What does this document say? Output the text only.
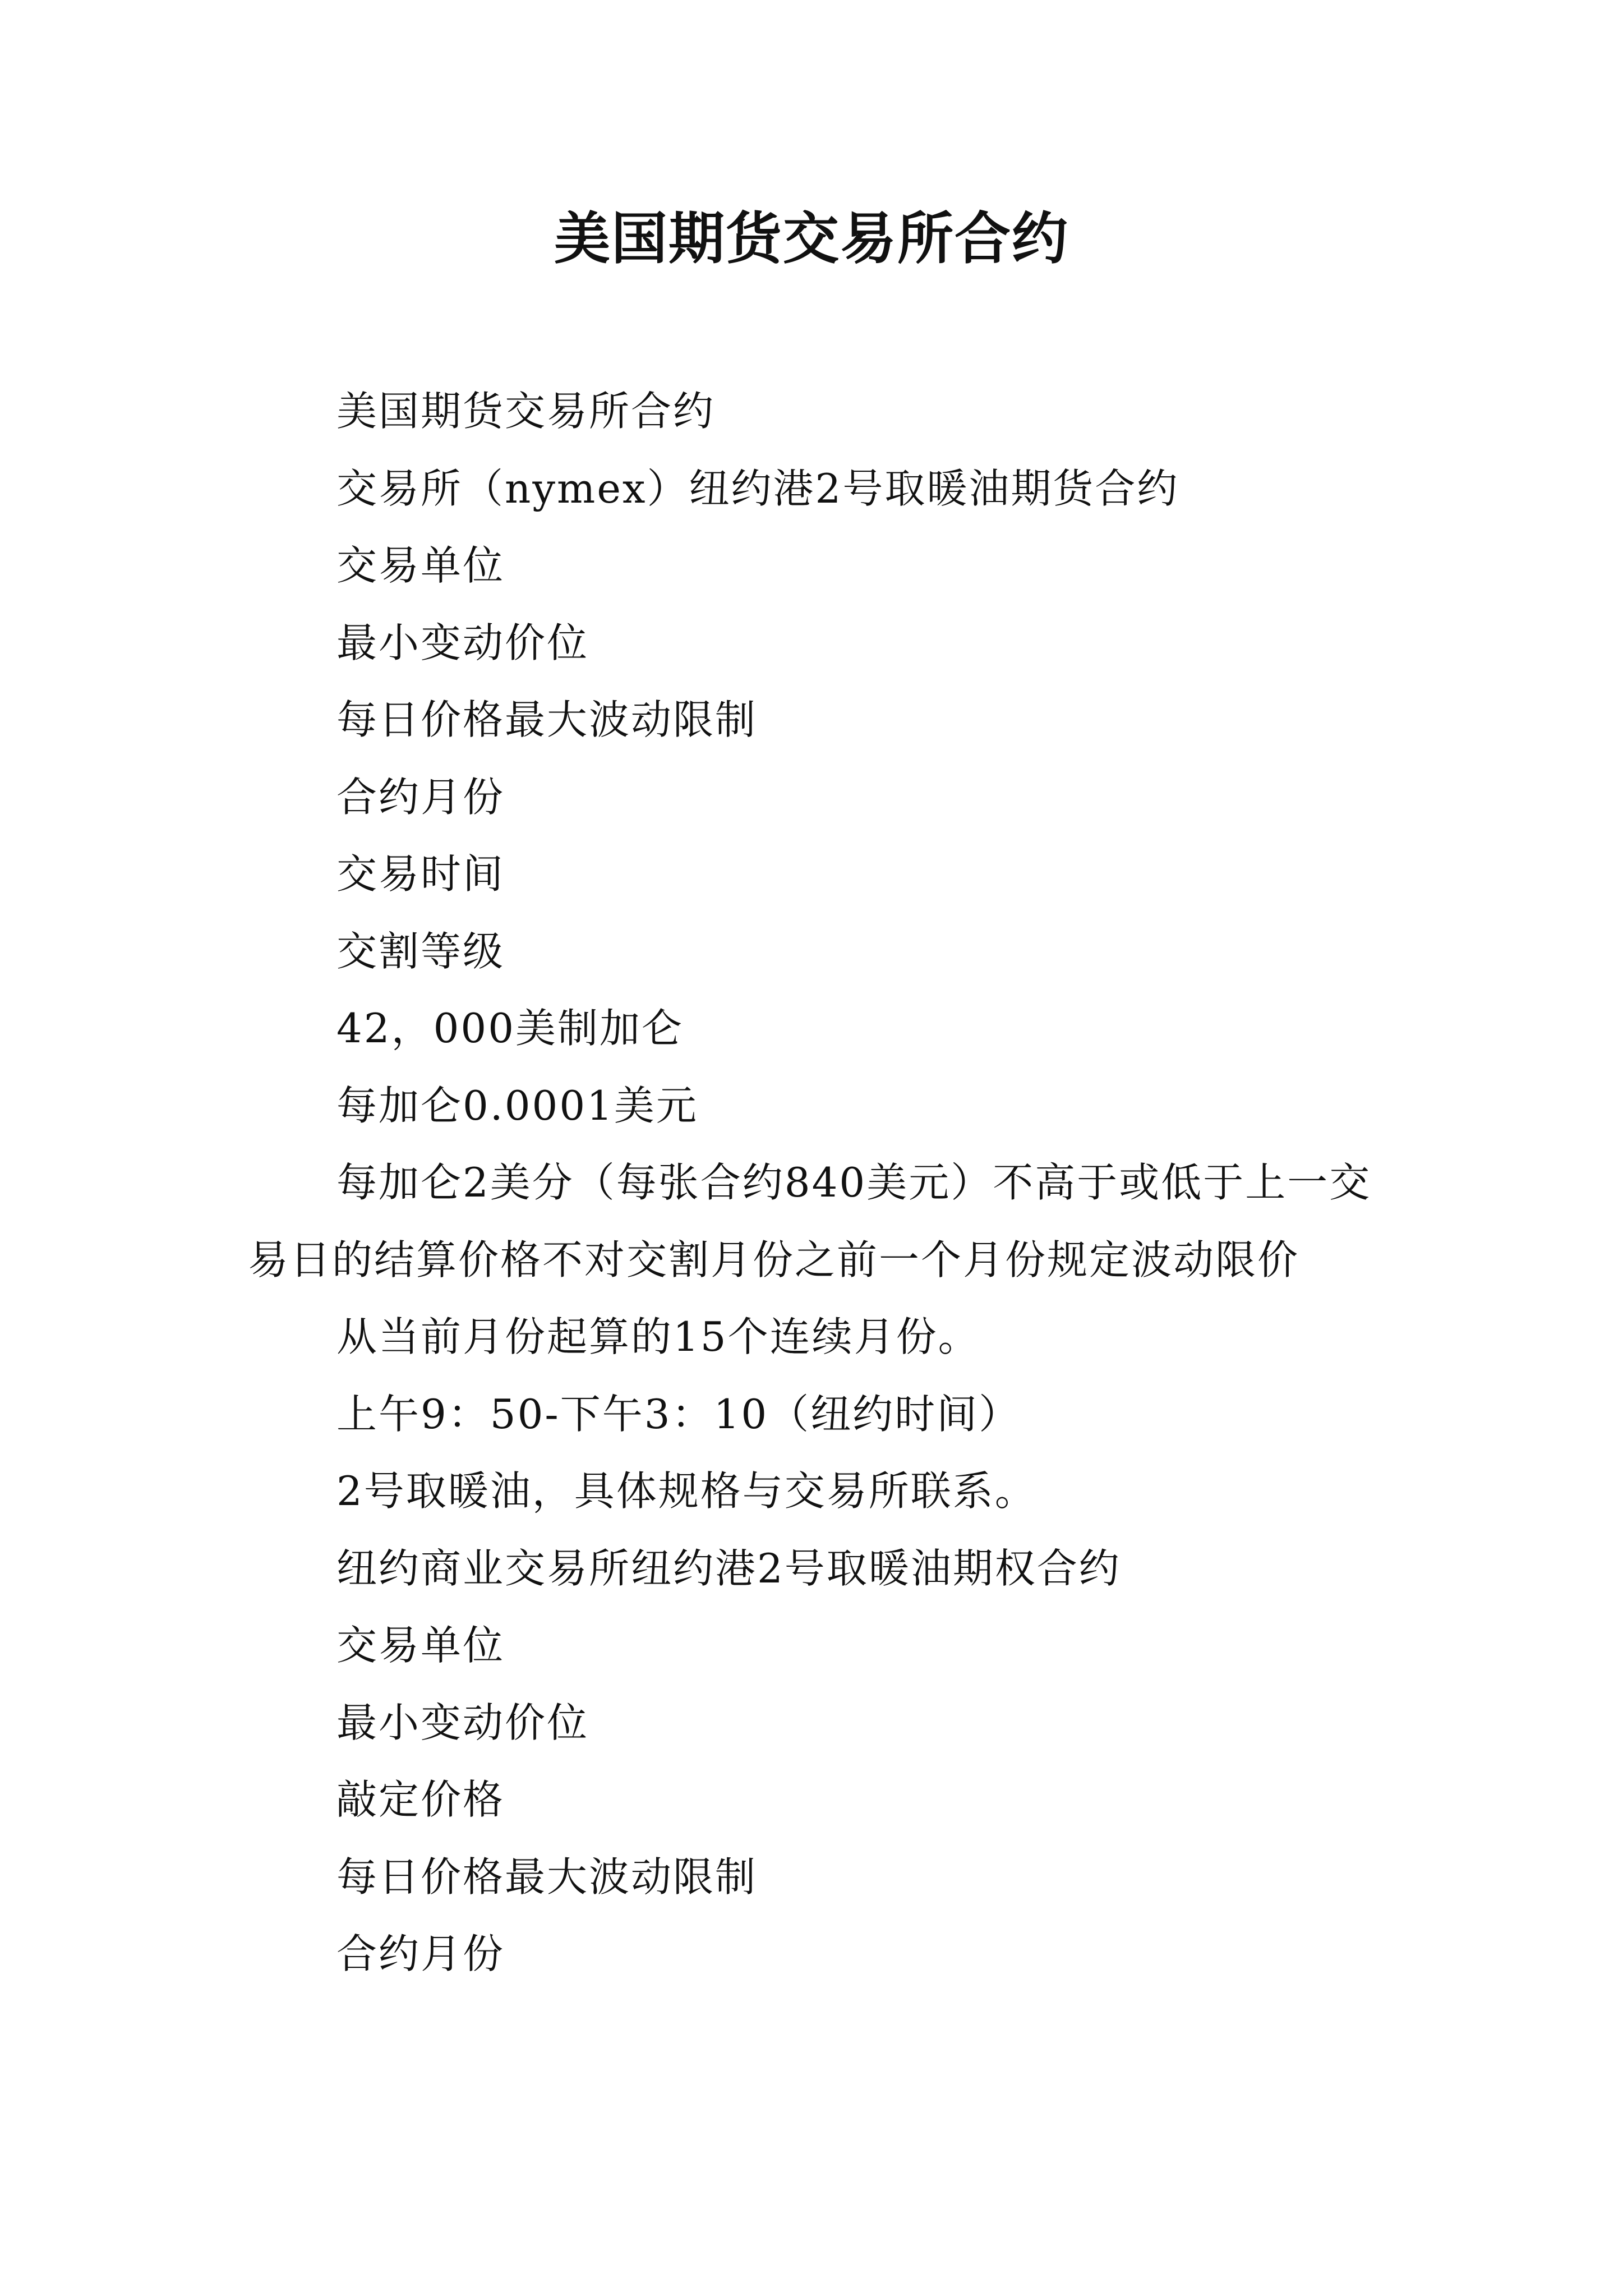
美国期货交易所合约

美国期货交易所合约

交易所（nymex）纽约港2号取暖油期货合约

交易单位

最小变动价位

每日价格最大波动限制

合约月份

交易时间

交割等级

42，000美制加仑

每加仑0.0001美元

每加仑2美分（每张合约840美元）不高于或低于上一交易日的结算价格不对交割月份之前一个月份规定波动限价

从当前月份起算的15个连续月份。

上午9：50-下午3：10（纽约时间）

2号取暖油，具体规格与交易所联系。

纽约商业交易所纽约港2号取暖油期权合约

交易单位

最小变动价位

敲定价格

每日价格最大波动限制

合约月份
